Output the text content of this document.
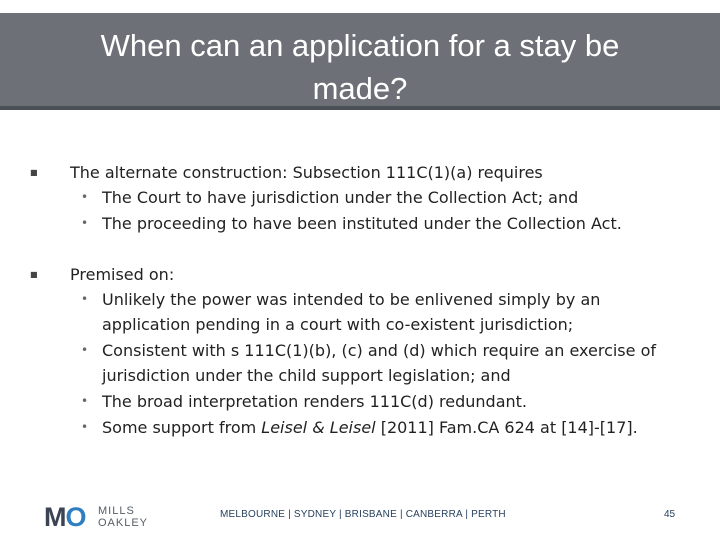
When can an application for a stay be
made?
■ The alternate construction: Subsection 111C(1)(a) requires
• The Court to have jurisdiction under the Collection Act; and
• The proceeding to have been instituted under the Collection Act.
■ Premised on:
• Unlikely the power was intended to be enlivened simply by an application pending in a court with co-existent jurisdiction;
• Consistent with s 111C(1)(b), (c) and (d) which require an exercise of jurisdiction under the child support legislation; and
• The broad interpretation renders 111C(d) redundant.
• Some support from Leisel & Leisel [2011] Fam.CA 624 at [14]-[17].
MO MILLS
OAKLEY
MELBOURNE | SYDNEY | BRISBANE | CANBERRA | PERTH	45
